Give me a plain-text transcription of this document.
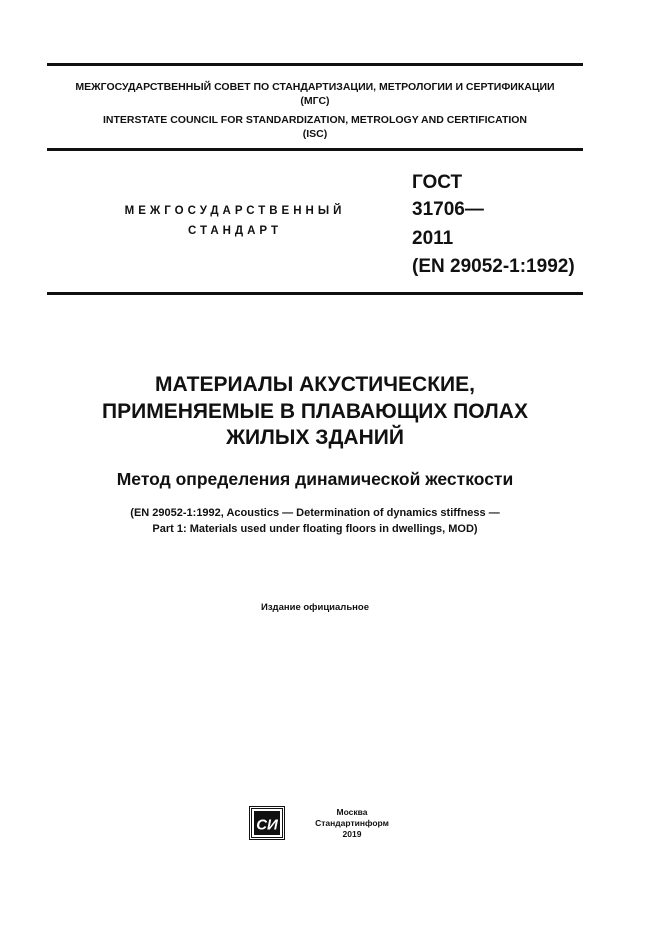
МЕЖГОСУДАРСТВЕННЫЙ СОВЕТ ПО СТАНДАРТИЗАЦИИ, МЕТРОЛОГИИ И СЕРТИФИКАЦИИ
(МГС)
INTERSTATE COUNCIL FOR STANDARDIZATION, METROLOGY AND CERTIFICATION
(ISC)
МЕЖГОСУДАРСТВЕННЫЙ
СТАНДАРТ
ГОСТ
31706—
2011
(EN 29052-1:1992)
МАТЕРИАЛЫ АКУСТИЧЕСКИЕ,
ПРИМЕНЯЕМЫЕ В ПЛАВАЮЩИХ ПОЛАХ
ЖИЛЫХ ЗДАНИЙ
Метод определения динамической жесткости
(EN 29052-1:1992, Acoustics — Determination of dynamics stiffness —
Part 1: Materials used under floating floors in dwellings, MOD)
Издание официальное
СИ
Москва
Стандартинформ
2019
